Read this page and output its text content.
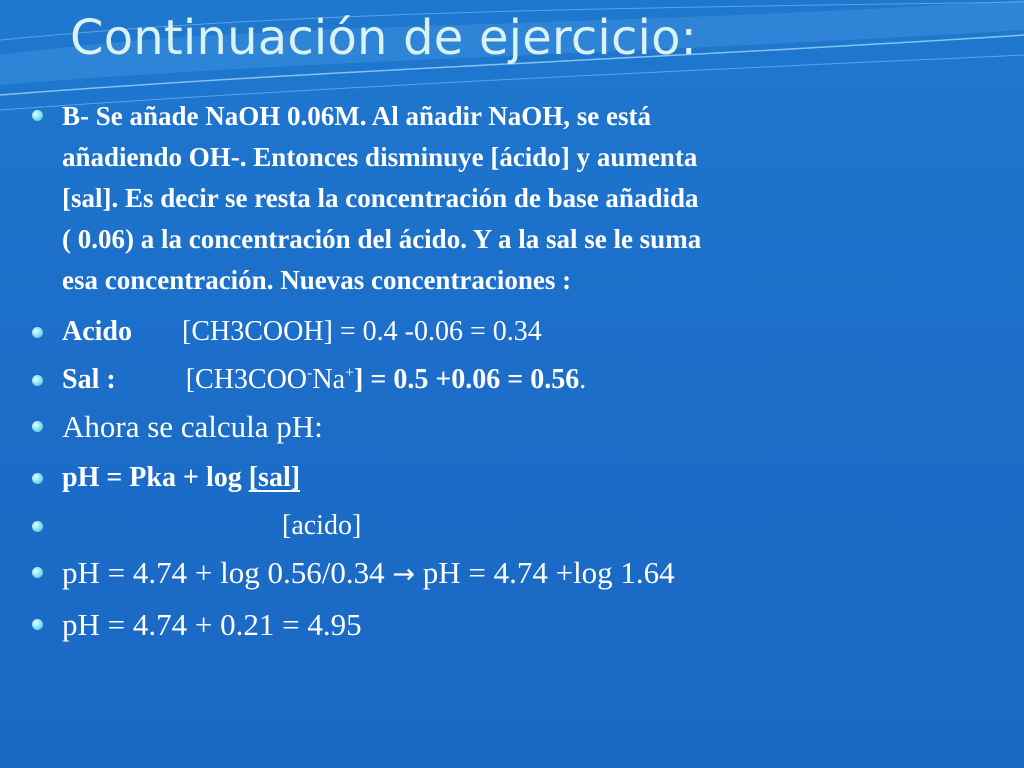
Continuación de ejercicio:
B- Se añade NaOH 0.06M. Al añadir NaOH, se está
añadiendo OH-. Entonces disminuye [ácido] y aumenta
[sal]. Es decir se resta la concentración de base añadida
( 0.06) a la concentración del ácido. Y a la sal se le suma
esa concentración. Nuevas concentraciones :
Acido [CH3COOH] = 0.4 -0.06 = 0.34
Sal :	[CH3COO-Na+] = 0.5 +0.06 = 0.56.
Ahora se calcula pH:
pH = Pka + log [sal]
[acido]
pH = 4.74 + log 0.56/0.34 → pH = 4.74 +log 1.64
pH = 4.74 + 0.21 = 4.95
